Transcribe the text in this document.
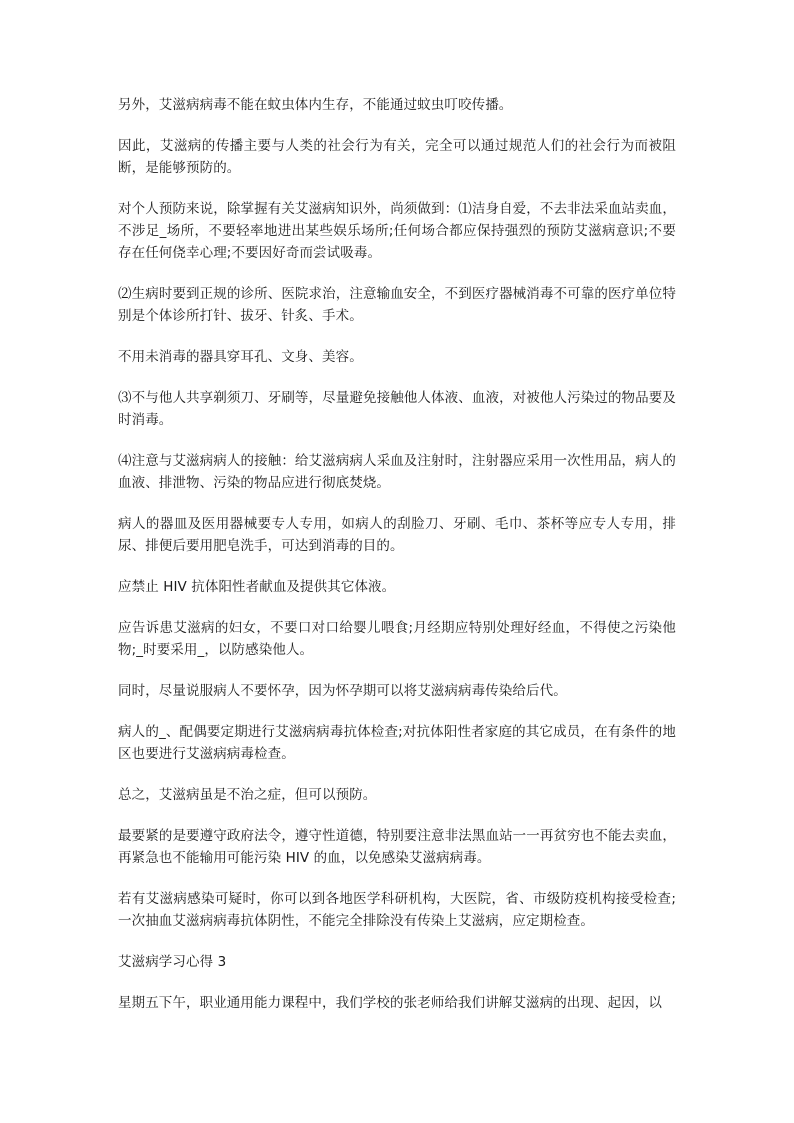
另外，艾滋病病毒不能在蚊虫体内生存，不能通过蚊虫叮咬传播。

因此，艾滋病的传播主要与人类的社会行为有关，完全可以通过规范人们的社会行为而被阻断，是能够预防的。

对个人预防来说，除掌握有关艾滋病知识外，尚须做到：⑴洁身自爱，不去非法采血站卖血，不涉足_场所，不要轻率地进出某些娱乐场所;任何场合都应保持强烈的预防艾滋病意识;不要存在任何侥幸心理;不要因好奇而尝试吸毒。

⑵生病时要到正规的诊所、医院求治，注意输血安全，不到医疗器械消毒不可靠的医疗单位特别是个体诊所打针、拔牙、针炙、手术。

不用未消毒的器具穿耳孔、文身、美容。

⑶不与他人共享剃须刀、牙刷等，尽量避免接触他人体液、血液，对被他人污染过的物品要及时消毒。

⑷注意与艾滋病病人的接触：给艾滋病病人采血及注射时，注射器应采用一次性用品，病人的血液、排泄物、污染的物品应进行彻底焚烧。

病人的器皿及医用器械要专人专用，如病人的刮脸刀、牙刷、毛巾、茶杯等应专人专用，排尿、排便后要用肥皂洗手，可达到消毒的目的。

应禁止 HIV 抗体阳性者献血及提供其它体液。

应告诉患艾滋病的妇女，不要口对口给婴儿喂食;月经期应特别处理好经血，不得使之污染他物;_时要采用_，以防感染他人。

同时，尽量说服病人不要怀孕，因为怀孕期可以将艾滋病病毒传染给后代。

病人的_、配偶要定期进行艾滋病病毒抗体检查;对抗体阳性者家庭的其它成员，在有条件的地区也要进行艾滋病病毒检查。

总之，艾滋病虽是不治之症，但可以预防。

最要紧的是要遵守政府法令，遵守性道德，特别要注意非法黑血站一一再贫穷也不能去卖血，再紧急也不能输用可能污染 HIV 的血，以免感染艾滋病病毒。

若有艾滋病感染可疑时，你可以到各地医学科研机构，大医院，省、市级防疫机构接受检查;一次抽血艾滋病病毒抗体阴性，不能完全排除没有传染上艾滋病，应定期检查。

艾滋病学习心得 3

星期五下午，职业通用能力课程中，我们学校的张老师给我们讲解艾滋病的出现、起因，以
